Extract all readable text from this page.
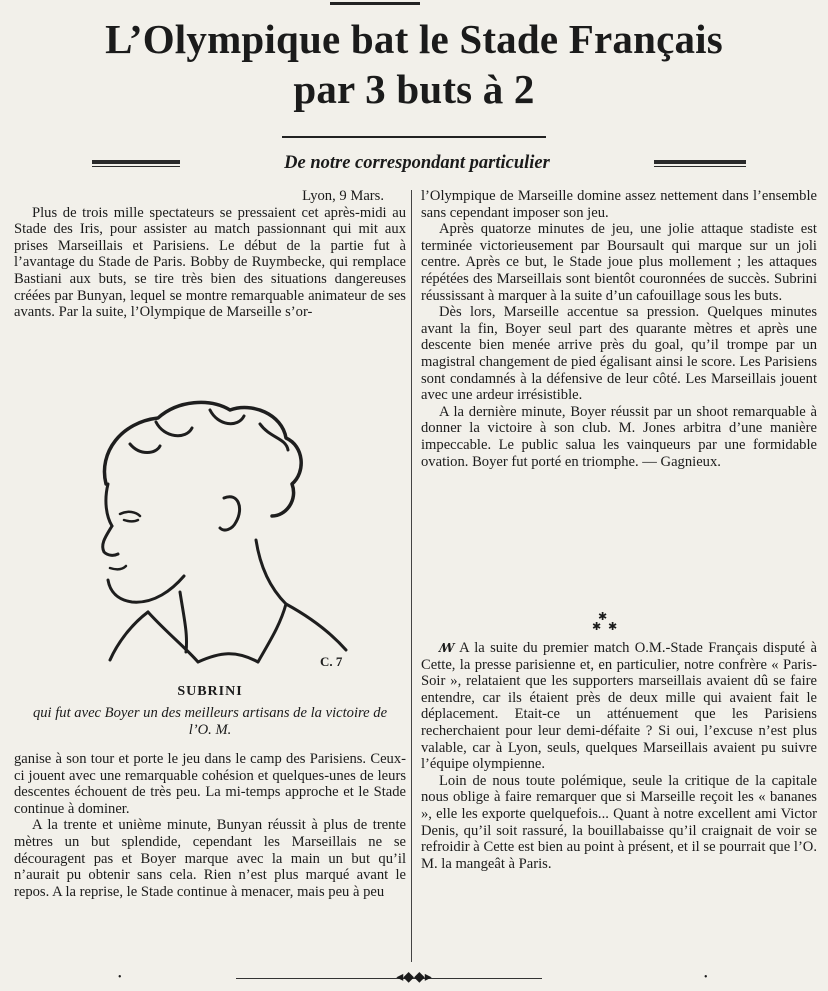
L’Olympique bat le Stade Français
par 3 buts à 2
De notre correspondant particulier

Lyon, 9 Mars.

Plus de trois mille spectateurs se pressaient cet après-midi au Stade des Iris, pour assister au match passionnant qui mit aux prises Marseillais et Parisiens. Le début de la partie fut à l’avantage du Stade de Paris. Bobby de Ruymbecke, qui remplace Bastiani aux buts, se tire très bien des situations dangereuses créées par Bunyan, lequel se montre remarquable animateur de ses avants. Par la suite, l’Olympique de Marseille s’or-

C. 7
SUBRINI
qui fut avec Boyer un des meilleurs artisans de la victoire de l’O. M.

ganise à son tour et porte le jeu dans le camp des Parisiens. Ceux-ci jouent avec une remarquable cohésion et quelques-unes de leurs descentes échouent de très peu. La mi-temps approche et le Stade continue à dominer.

A la trente et unième minute, Bunyan réussit à plus de trente mètres un but splendide, cependant les Marseillais ne se découragent pas et Boyer marque avec la main un but qu’il n’aurait pu obtenir sans cela. Rien n’est plus marqué avant le repos. A la reprise, le Stade continue à menacer, mais peu à peu

l’Olympique de Marseille domine assez nettement dans l’ensemble sans cependant imposer son jeu.

Après quatorze minutes de jeu, une jolie attaque stadiste est terminée victorieusement par Boursault qui marque sur un joli centre. Après ce but, le Stade joue plus mollement ; les attaques répétées des Marseillais sont bientôt couronnées de succès. Subrini réussissant à marquer à la suite d’un cafouillage sous les buts.

Dès lors, Marseille accentue sa pression. Quelques minutes avant la fin, Boyer seul part des quarante mètres et après une descente bien menée arrive près du goal, qu’il trompe par un magistral changement de pied égalisant ainsi le score. Les Parisiens sont condamnés à la défensive de leur côté. Les Marseillais jouent avec une ardeur irrésistible.

A la dernière minute, Boyer réussit par un shoot remarquable à donner la victoire à son club. M. Jones arbitra d’une manière impeccable. Le public salua les vainqueurs par une formidable ovation. Boyer fut porté en triomphe. — Gagnieux.

✱
✱ ✱

ꟿ A la suite du premier match O.M.-Stade Français disputé à Cette, la presse parisienne et, en particulier, notre confrère « Paris-Soir », relataient que les supporters marseillais avaient dû se faire entendre, car ils étaient près de deux mille qui avaient fait le déplacement. Etait-ce un atténuement que les Parisiens recherchaient pour leur demi-défaite ? Si oui, l’excuse n’est plus valable, car à Lyon, seuls, quelques Marseillais avaient pu suivre l’équipe olympienne.

Loin de nous toute polémique, seule la critique de la capitale nous oblige à faire remarquer que si Marseille reçoit les « bananes », elle les exporte quelquefois... Quant à notre excellent ami Victor Denis, qu’il soit rassuré, la bouillabaisse qu’il craignait de voir se refroidir à Cette est bien au point à présent, et il se pourrait que l’O. M. la mangeât à Paris.

•	◂◆◆▸	•
